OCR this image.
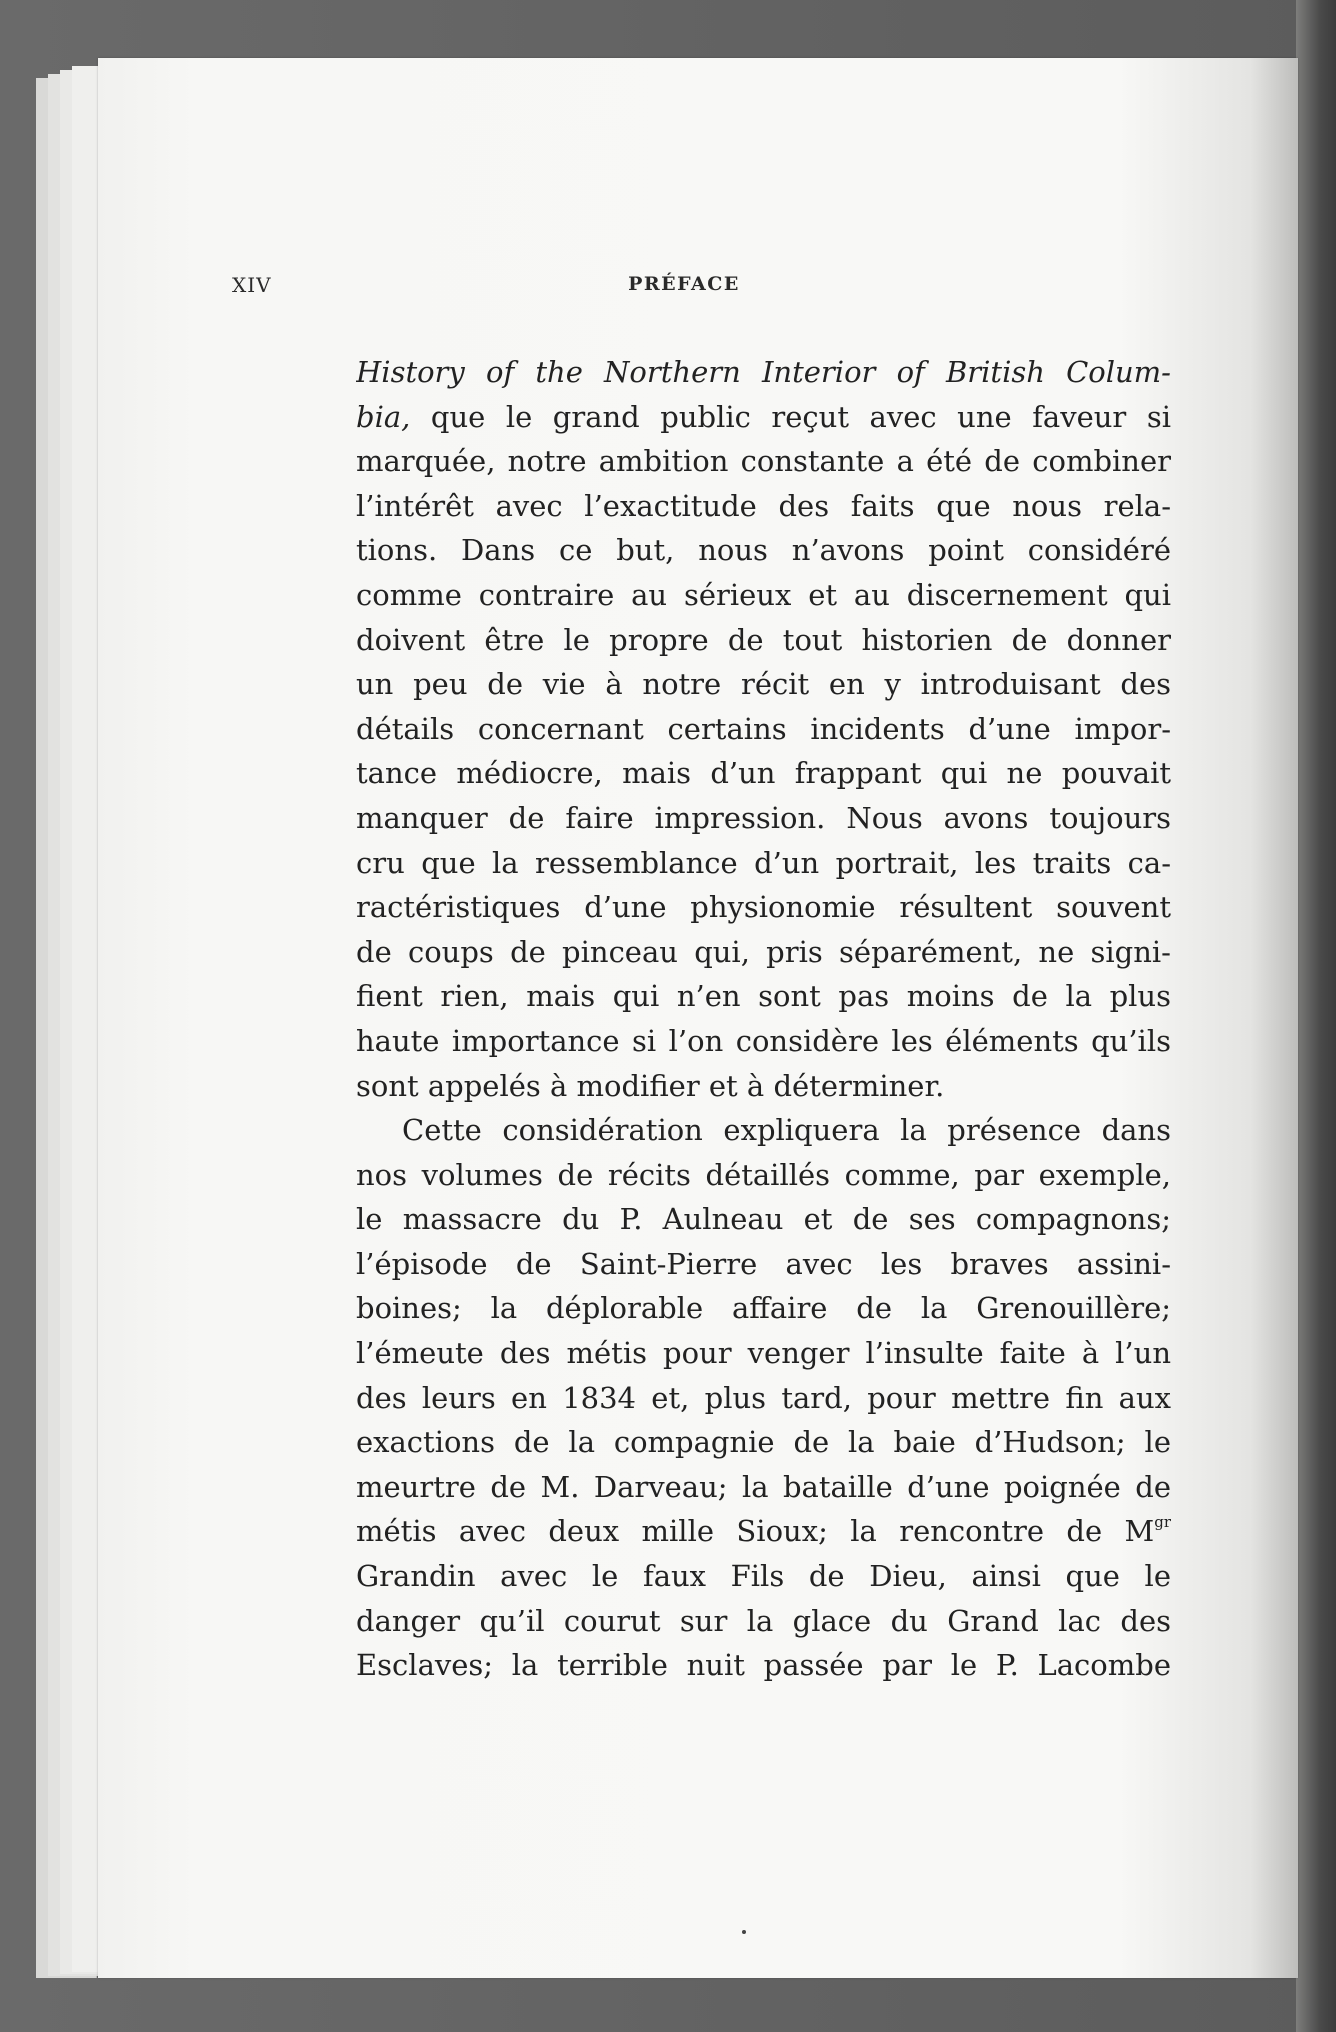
XIV	PRÉFACE
History of the Northern Interior of British Colum-
bia, que le grand public reçut avec une faveur si
marquée, notre ambition constante a été de combiner
l’intérêt avec l’exactitude des faits que nous rela-
tions. Dans ce but, nous n’avons point considéré
comme contraire au sérieux et au discernement qui
doivent être le propre de tout historien de donner
un peu de vie à notre récit en y introduisant des
détails concernant certains incidents d’une impor-
tance médiocre, mais d’un frappant qui ne pouvait
manquer de faire impression. Nous avons toujours
cru que la ressemblance d’un portrait, les traits ca-
ractéristiques d’une physionomie résultent souvent
de coups de pinceau qui, pris séparément, ne signi-
fient rien, mais qui n’en sont pas moins de la plus
haute importance si l’on considère les éléments qu’ils
sont appelés à modifier et à déterminer.
Cette considération expliquera la présence dans
nos volumes de récits détaillés comme, par exemple,
le massacre du P. Aulneau et de ses compagnons;
l’épisode de Saint-Pierre avec les braves assini-
boines; la déplorable affaire de la Grenouillère;
l’émeute des métis pour venger l’insulte faite à l’un
des leurs en 1834 et, plus tard, pour mettre fin aux
exactions de la compagnie de la baie d’Hudson; le
meurtre de M. Darveau; la bataille d’une poignée de
métis avec deux mille Sioux; la rencontre de $M^{gr}$
Grandin avec le faux Fils de Dieu, ainsi que le
danger qu’il courut sur la glace du Grand lac des
Esclaves; la terrible nuit passée par le P. Lacombe
